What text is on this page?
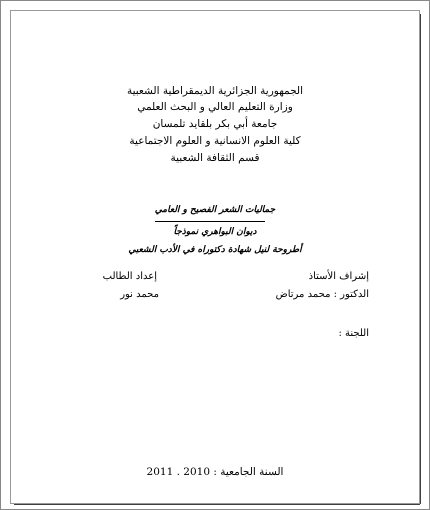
الجمهورية الجزائرية الديمقراطية الشعبية
وزارة التعليم العالي و البحث العلمي
جامعة أبي بكر بلقايد تلمسان
كلية العلوم الانسانية و العلوم الاجتماعية
قسم الثقافة الشعبية
جماليات الشعر الفصيح و العامي
ديوان البواهري نموذجاً
أطروحة لنيل شهادة دكتوراه في الأدب الشعبي
إشراف الأستاذ
إعداد الطالب
الدكتور : محمد مرتاض
محمد نور
اللجنة :
السنة الجامعية : 2010 . 2011
